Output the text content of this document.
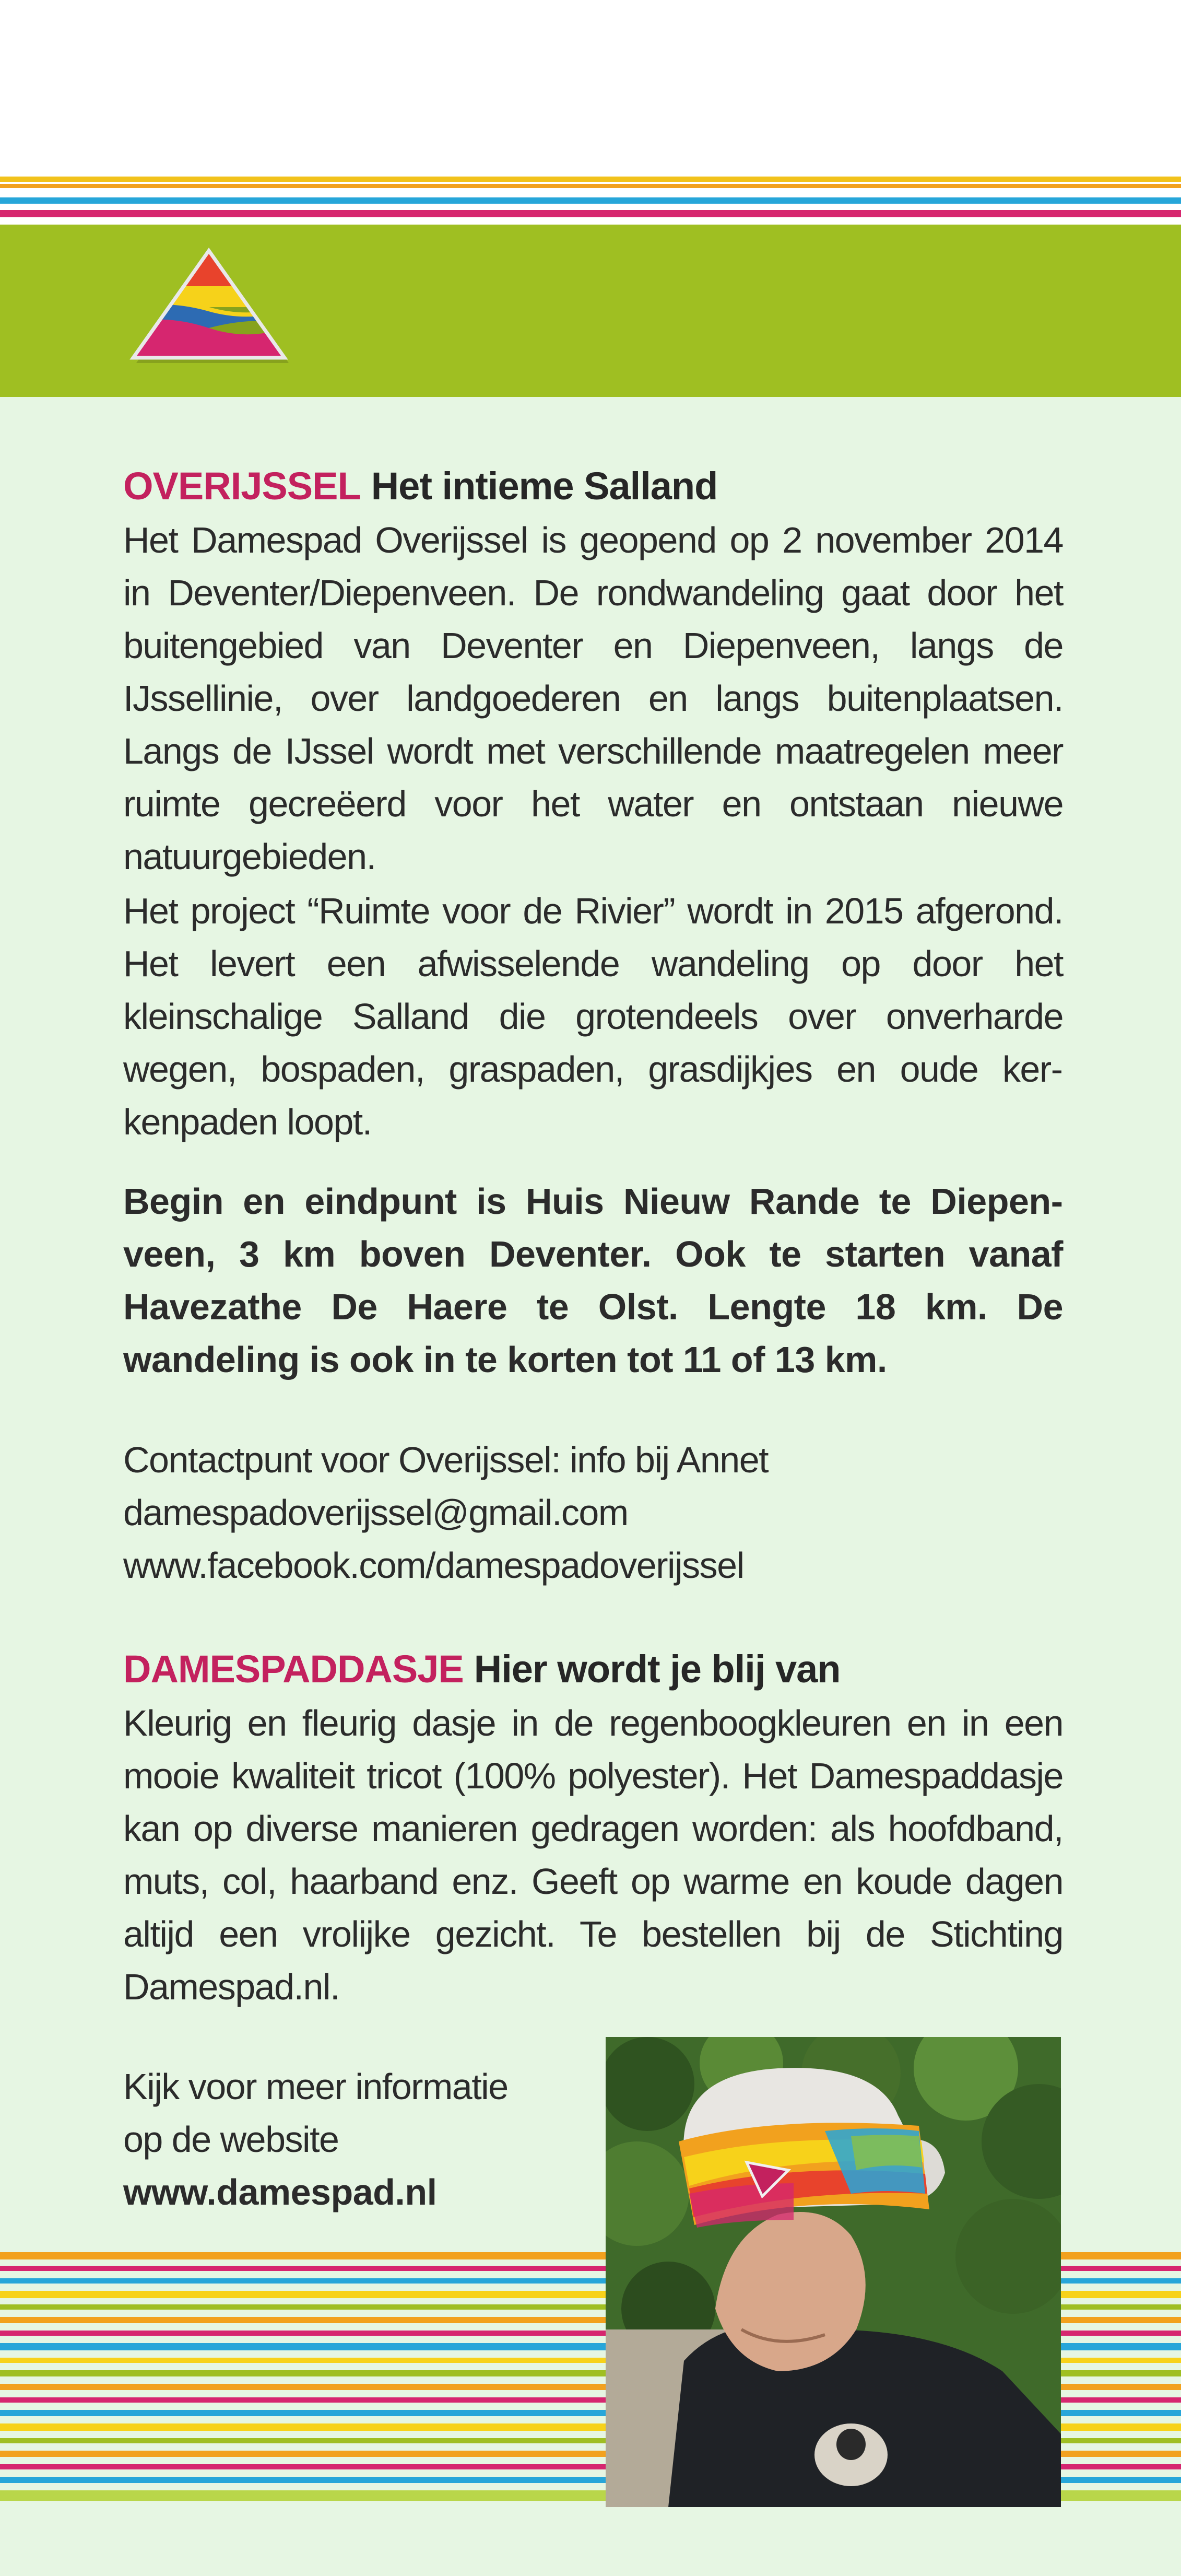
OVERIJSSEL Het intieme Salland
Het Damespad Overijssel is geopend op 2 november 2014 in Deventer/Diepenveen. De rondwandeling gaat door het buitengebied van Deventer en Diepenveen, langs de IJssellinie, over landgoederen en langs buitenplaatsen. Langs de IJssel wordt met verschillende maatregelen meer ruimte gecreëerd voor het water en ontstaan nieuwe natuurgebieden.
Het project “Ruimte voor de Rivier” wordt in 2015 afgerond. Het levert een afwisselende wandeling op door het kleinschalige Salland die grotendeels over onverharde wegen, bospaden, graspaden, grasdijkjes en oude kerkenpaden loopt.
Begin en eindpunt is Huis Nieuw Rande te Diepenveen, 3 km boven Deventer. Ook te starten vanaf Havezathe De Haere te Olst. Lengte 18 km. De wandeling is ook in te korten tot 11 of 13 km.
Contactpunt voor Overijssel: info bij Annet
damespadoverijssel@gmail.com
www.facebook.com/damespadoverijssel
DAMESPADDASJE Hier wordt je blij van
Kleurig en fleurig dasje in de regenboogkleuren en in een mooie kwaliteit tricot (100% polyester). Het Damespaddasje kan op diverse manieren gedragen worden: als hoofdband, muts, col, haarband enz. Geeft op warme en koude dagen altijd een vrolijke gezicht. Te bestellen bij de Stichting Damespad.nl.
Kijk voor meer informatie
op de website
www.damespad.nl
